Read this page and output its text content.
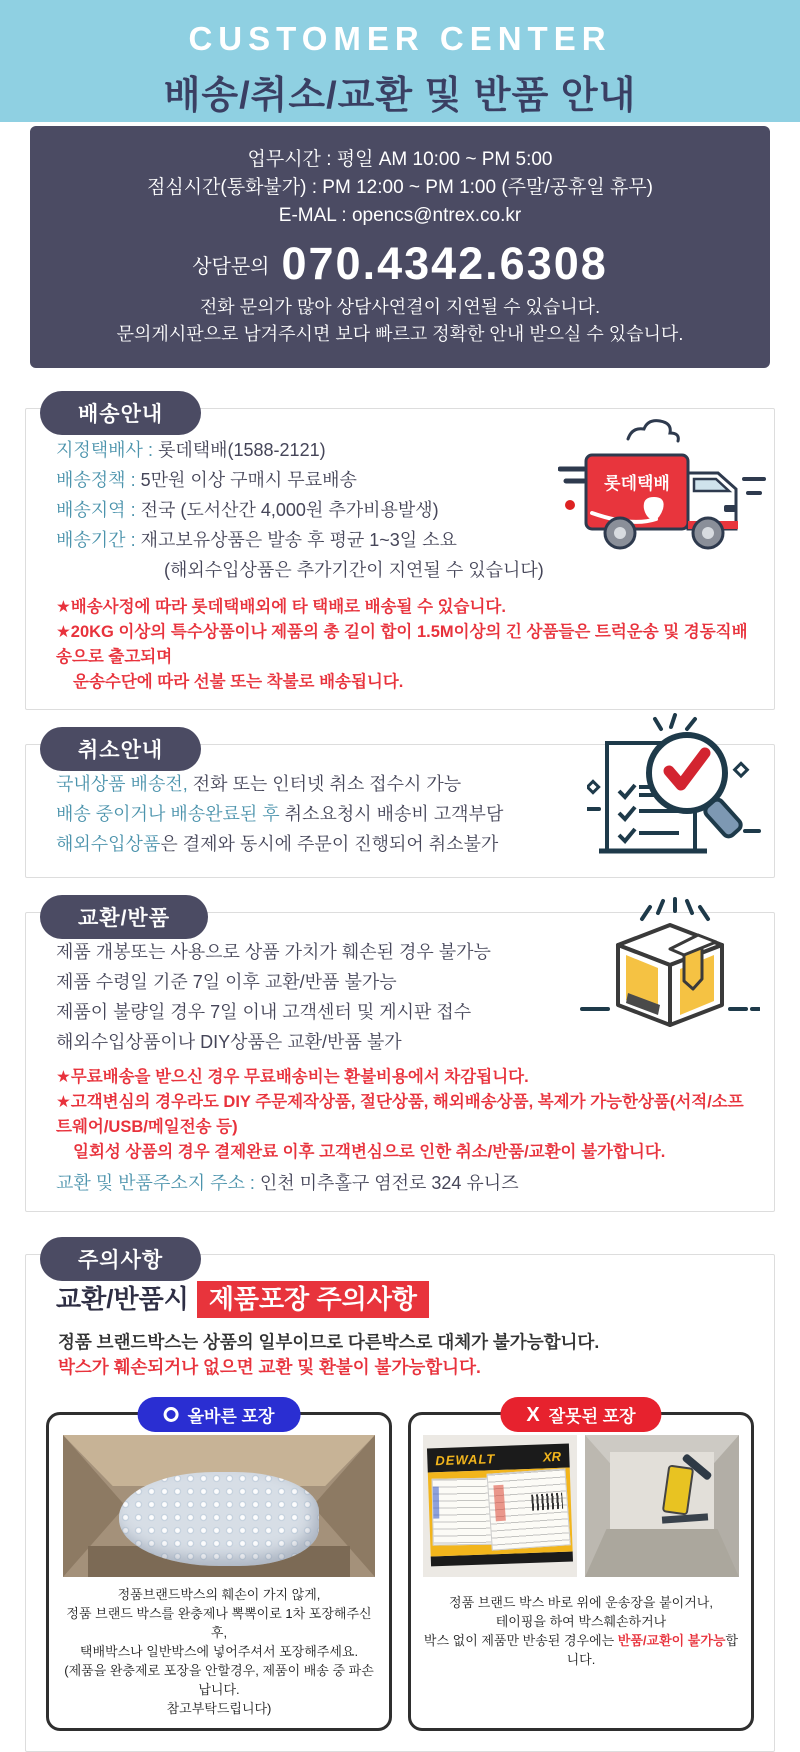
CUSTOMER CENTER
배송/취소/교환 및 반품 안내
업무시간 : 평일 AM 10:00 ~ PM 5:00
점심시간(통화불가) : PM 12:00 ~ PM 1:00 (주말/공휴일 휴무)
E-MAL : opencs@ntrex.co.kr
상담문의 070.4342.6308
전화 문의가 많아 상담사연결이 지연될 수 있습니다.
문의게시판으로 남겨주시면 보다 빠르고 정확한 안내 받으실 수 있습니다.
배송안내
지정택배사 : 롯데택배(1588-2121)
배송정책 : 5만원 이상 구매시 무료배송
배송지역 : 전국 (도서산간 4,000원 추가비용발생)
배송기간 : 재고보유상품은 발송 후 평균 1~3일 소요
(해외수입상품은 추가기간이 지연될 수 있습니다)
★배송사정에 따라 롯데택배외에 타 택배로 배송될 수 있습니다.
★20KG 이상의 특수상품이나 제품의 총 길이 합이 1.5M이상의 긴 상품들은 트럭운송 및 경동직배송으로 출고되며
운송수단에 따라 선불 또는 착불로 배송됩니다.
롯데택배
취소안내
국내상품 배송전, 전화 또는 인터넷 취소 접수시 가능
배송 중이거나 배송완료된 후 취소요청시 배송비 고객부담
해외수입상품은 결제와 동시에 주문이 진행되어 취소불가
교환/반품
제품 개봉또는 사용으로 상품 가치가 훼손된 경우 불가능
제품 수령일 기준 7일 이후 교환/반품 불가능
제품이 불량일 경우 7일 이내 고객센터 및 게시판 접수
해외수입상품이나 DIY상품은 교환/반품 불가
★무료배송을 받으신 경우 무료배송비는 환불비용에서 차감됩니다.
★고객변심의 경우라도 DIY 주문제작상품, 절단상품, 해외배송상품, 복제가 가능한상품(서적/소프트웨어/USB/메일전송 등)
일회성 상품의 경우 결제완료 이후 고객변심으로 인한 취소/반품/교환이 불가합니다.
교환 및 반품주소지 주소 : 인천 미추홀구 염전로 324 유니즈
주의사항
교환/반품시 제품포장 주의사항
정품 브랜드박스는 상품의 일부이므로 다른박스로 대체가 불가능합니다.
박스가 훼손되거나 없으면 교환 및 환불이 불가능합니다.
올바른 포장
정품브랜드박스의 훼손이 가지 않게,
정품 브랜드 박스를 완충제나 뽁뽁이로 1차 포장해주신 후,
택배박스나 일반박스에 넣어주셔서 포장해주세요.
(제품을 완충제로 포장을 안할경우, 제품이 배송 중 파손납니다.
참고부탁드립니다)
X 잘못된 포장
DEWALT	XR
정품 브랜드 박스 바로 위에 운송장을 붙이거나,
테이핑을 하여 박스훼손하거나
박스 없이 제품만 반송된 경우에는 반품/교환이 불가능합니다.
